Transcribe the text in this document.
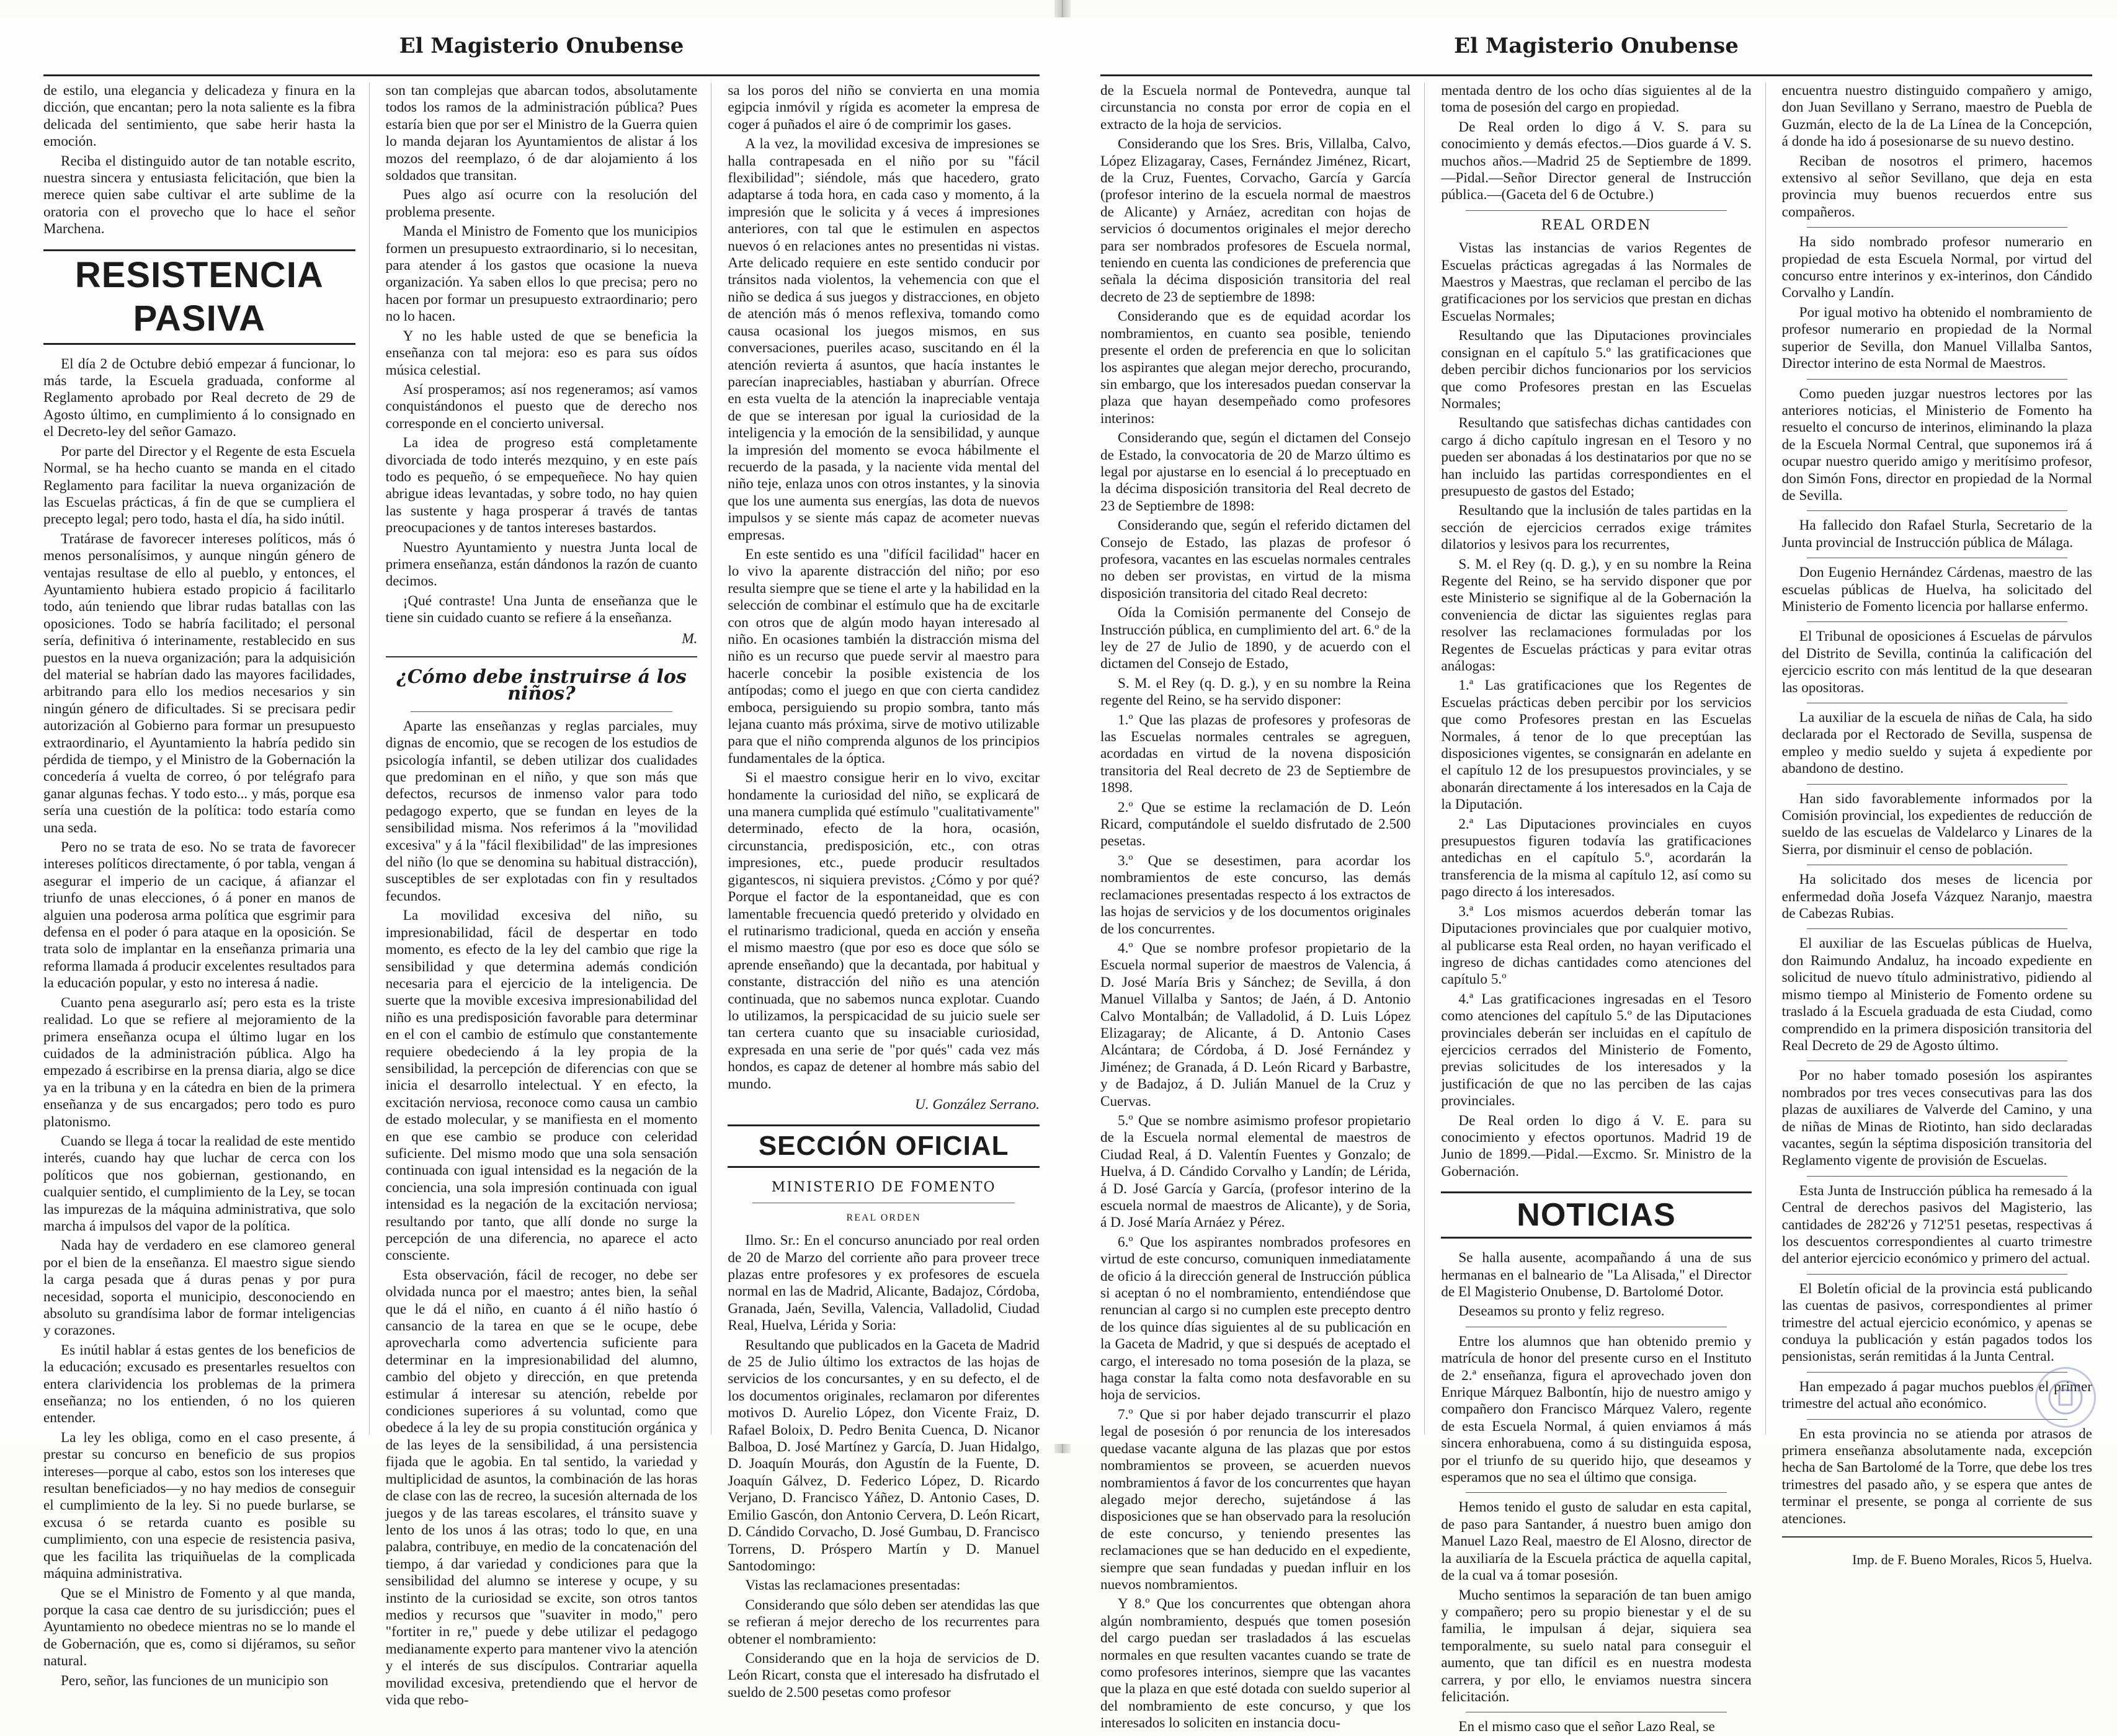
El Magisterio Onubense

de estilo, una elegancia y delicadeza y finura en la dicción, que encantan; pero la nota saliente es la fibra delicada del sentimiento, que sabe herir hasta la emoción.

Reciba el distinguido autor de tan notable escrito, nuestra sincera y entusiasta felicitación, que bien la merece quien sabe cultivar el arte sublime de la oratoria con el provecho que lo hace el señor Marchena.

RESISTENCIA PASIVA

El día 2 de Octubre debió empezar á funcionar, lo más tarde, la Escuela graduada, conforme al Reglamento aprobado por Real decreto de 29 de Agosto último, en cumplimiento á lo consignado en el Decreto-ley del señor Gamazo.

Por parte del Director y el Regente de esta Escuela Normal, se ha hecho cuanto se manda en el citado Reglamento para facilitar la nueva organización de las Escuelas prácticas, á fin de que se cumpliera el precepto legal; pero todo, hasta el día, ha sido inútil.

Tratárase de favorecer intereses políticos, más ó menos personalísimos, y aunque ningún género de ventajas resultase de ello al pueblo, y entonces, el Ayuntamiento hubiera estado propicio á facilitarlo todo, aún teniendo que librar rudas batallas con las oposiciones. Todo se habría facilitado; el personal sería, definitiva ó interinamente, restablecido en sus puestos en la nueva organización; para la adquisición del material se habrían dado las mayores facilidades, arbitrando para ello los medios necesarios y sin ningún género de dificultades. Si se precisara pedir autorización al Gobierno para formar un presupuesto extraordinario, el Ayuntamiento la habría pedido sin pérdida de tiempo, y el Ministro de la Gobernación la concedería á vuelta de correo, ó por telégrafo para ganar algunas fechas. Y todo esto... y más, porque esa sería una cuestión de la política: todo estaría como una seda.

Pero no se trata de eso. No se trata de favorecer intereses políticos directamente, ó por tabla, vengan á asegurar el imperio de un cacique, á afianzar el triunfo de unas elecciones, ó á poner en manos de alguien una poderosa arma política que esgrimir para defensa en el poder ó para ataque en la oposición. Se trata solo de implantar en la enseñanza primaria una reforma llamada á producir excelentes resultados para la educación popular, y esto no interesa á nadie.

Cuanto pena asegurarlo así; pero esta es la triste realidad. Lo que se refiere al mejoramiento de la primera enseñanza ocupa el último lugar en los cuidados de la administración pública. Algo ha empezado á escribirse en la prensa diaria, algo se dice ya en la tribuna y en la cátedra en bien de la primera enseñanza y de sus encargados; pero todo es puro platonismo.

Cuando se llega á tocar la realidad de este mentido interés, cuando hay que luchar de cerca con los políticos que nos gobiernan, gestionando, en cualquier sentido, el cumplimiento de la Ley, se tocan las impurezas de la máquina administrativa, que solo marcha á impulsos del vapor de la política.

Nada hay de verdadero en ese clamoreo general por el bien de la enseñanza. El maestro sigue siendo la carga pesada que á duras penas y por pura necesidad, soporta el municipio, desconociendo en absoluto su grandísima labor de formar inteligencias y corazones.

Es inútil hablar á estas gentes de los beneficios de la educación; excusado es presentarles resueltos con entera clarividencia los problemas de la primera enseñanza; no los entienden, ó no los quieren entender.

La ley les obliga, como en el caso presente, á prestar su concurso en beneficio de sus propios intereses—porque al cabo, estos son los intereses que resultan beneficiados—y no hay medios de conseguir el cumplimiento de la ley. Si no puede burlarse, se excusa ó se retarda cuanto es posible su cumplimiento, con una especie de resistencia pasiva, que les facilita las triquiñuelas de la complicada máquina administrativa.

Que se el Ministro de Fomento y al que manda, porque la casa cae dentro de su jurisdicción; pues el Ayuntamiento no obedece mientras no se lo mande el de Gobernación, que es, como si dijéramos, su señor natural.

Pero, señor, las funciones de un municipio son

son tan complejas que abarcan todos, absolutamente todos los ramos de la administración pública? Pues estaría bien que por ser el Ministro de la Guerra quien lo manda dejaran los Ayuntamientos de alistar á los mozos del reemplazo, ó de dar alojamiento á los soldados que transitan.

Pues algo así ocurre con la resolución del problema presente.

Manda el Ministro de Fomento que los municipios formen un presupuesto extraordinario, si lo necesitan, para atender á los gastos que ocasione la nueva organización. Ya saben ellos lo que precisa; pero no hacen por formar un presupuesto extraordinario; pero no lo hacen.

Y no les hable usted de que se beneficia la enseñanza con tal mejora: eso es para sus oídos música celestial.

Así prosperamos; así nos regeneramos; así vamos conquistándonos el puesto que de derecho nos corresponde en el concierto universal.

La idea de progreso está completamente divorciada de todo interés mezquino, y en este país todo es pequeño, ó se empequeñece. No hay quien abrigue ideas levantadas, y sobre todo, no hay quien las sustente y haga prosperar á través de tantas preocupaciones y de tantos intereses bastardos.

Nuestro Ayuntamiento y nuestra Junta local de primera enseñanza, están dándonos la razón de cuanto decimos.

¡Qué contraste! Una Junta de enseñanza que le tiene sin cuidado cuanto se refiere á la enseñanza.

M.
¿Cómo debe instruirse á los niños?

Aparte las enseñanzas y reglas parciales, muy dignas de encomio, que se recogen de los estudios de psicología infantil, se deben utilizar dos cualidades que predominan en el niño, y que son más que defectos, recursos de inmenso valor para todo pedagogo experto, que se fundan en leyes de la sensibilidad misma. Nos referimos á la "movilidad excesiva" y á la "fácil flexibilidad" de las impresiones del niño (lo que se denomina su habitual distracción), susceptibles de ser explotadas con fin y resultados fecundos.

La movilidad excesiva del niño, su impresionabilidad, fácil de despertar en todo momento, es efecto de la ley del cambio que rige la sensibilidad y que determina además condición necesaria para el ejercicio de la inteligencia. De suerte que la movible excesiva impresionabilidad del niño es una predisposición favorable para determinar en el con el cambio de estímulo que constantemente requiere obedeciendo á la ley propia de la sensibilidad, la percepción de diferencias con que se inicia el desarrollo intelectual. Y en efecto, la excitación nerviosa, reconoce como causa un cambio de estado molecular, y se manifiesta en el momento en que ese cambio se produce con celeridad suficiente. Del mismo modo que una sola sensación continuada con igual intensidad es la negación de la conciencia, una sola impresión continuada con igual intensidad es la negación de la excitación nerviosa; resultando por tanto, que allí donde no surge la percepción de una diferencia, no aparece el acto consciente.

Esta observación, fácil de recoger, no debe ser olvidada nunca por el maestro; antes bien, la señal que le dá el niño, en cuanto á él niño hastío ó cansancio de la tarea en que se le ocupe, debe aprovecharla como advertencia suficiente para determinar en la impresionabilidad del alumno, cambio del objeto y dirección, en que pretenda estimular á interesar su atención, rebelde por condiciones superiores á su voluntad, como que obedece á la ley de su propia constitución orgánica y de las leyes de la sensibilidad, á una persistencia fijada que le agobia. En tal sentido, la variedad y multiplicidad de asuntos, la combinación de las horas de clase con las de recreo, la sucesión alternada de los juegos y de las tareas escolares, el tránsito suave y lento de los unos á las otras; todo lo que, en una palabra, contribuye, en medio de la concatenación del tiempo, á dar variedad y condiciones para que la sensibilidad del alumno se interese y ocupe, y su instinto de la curiosidad se excite, son otros tantos medios y recursos que "suaviter in modo," pero "fortiter in re," puede y debe utilizar el pedagogo medianamente experto para mantener vivo la atención y el interés de sus discípulos. Contrariar aquella movilidad excesiva, pretendiendo que el hervor de vida que rebo-

sa los poros del niño se convierta en una momia egipcia inmóvil y rígida es acometer la empresa de coger á puñados el aire ó de comprimir los gases.

A la vez, la movilidad excesiva de impresiones se halla contrapesada en el niño por su "fácil flexibilidad"; siéndole, más que hacedero, grato adaptarse á toda hora, en cada caso y momento, á la impresión que le solicita y á veces á impresiones anteriores, con tal que le estimulen en aspectos nuevos ó en relaciones antes no presentidas ni vistas. Arte delicado requiere en este sentido conducir por tránsitos nada violentos, la vehemencia con que el niño se dedica á sus juegos y distracciones, en objeto de atención más ó menos reflexiva, tomando como causa ocasional los juegos mismos, en sus conversaciones, pueriles acaso, suscitando en él la atención revierta á asuntos, que hacía instantes le parecían inapreciables, hastiaban y aburrían. Ofrece en esta vuelta de la atención la inapreciable ventaja de que se interesan por igual la curiosidad de la inteligencia y la emoción de la sensibilidad, y aunque la impresión del momento se evoca hábilmente el recuerdo de la pasada, y la naciente vida mental del niño teje, enlaza unos con otros instantes, y la sinovia que los une aumenta sus energías, las dota de nuevos impulsos y se siente más capaz de acometer nuevas empresas.

En este sentido es una "difícil facilidad" hacer en lo vivo la aparente distracción del niño; por eso resulta siempre que se tiene el arte y la habilidad en la selección de combinar el estímulo que ha de excitarle con otros que de algún modo hayan interesado al niño. En ocasiones también la distracción misma del niño es un recurso que puede servir al maestro para hacerle concebir la posible existencia de los antípodas; como el juego en que con cierta candidez emboca, persiguiendo su propio sombra, tanto más lejana cuanto más próxima, sirve de motivo utilizable para que el niño comprenda algunos de los principios fundamentales de la óptica.

Si el maestro consigue herir en lo vivo, excitar hondamente la curiosidad del niño, se explicará de una manera cumplida qué estímulo "cualitativamente" determinado, efecto de la hora, ocasión, circunstancia, predisposición, etc., con otras impresiones, etc., puede producir resultados gigantescos, ni siquiera previstos. ¿Cómo y por qué? Porque el factor de la espontaneidad, que es con lamentable frecuencia quedó preterido y olvidado en el rutinarismo tradicional, queda en acción y enseña el mismo maestro (que por eso es doce que sólo se aprende enseñando) que la decantada, por habitual y constante, distracción del niño es una atención continuada, que no sabemos nunca explotar. Cuando lo utilizamos, la perspicacidad de su juicio suele ser tan certera cuanto que su insaciable curiosidad, expresada en una serie de "por qués" cada vez más hondos, es capaz de detener al hombre más sabio del mundo.

U. González Serrano.
SECCIÓN OFICIAL
MINISTERIO DE FOMENTO
REAL ORDEN

Ilmo. Sr.: En el concurso anunciado por real orden de 20 de Marzo del corriente año para proveer trece plazas entre profesores y ex profesores de escuela normal en las de Madrid, Alicante, Badajoz, Córdoba, Granada, Jaén, Sevilla, Valencia, Valladolid, Ciudad Real, Huelva, Lérida y Soria:

Resultando que publicados en la Gaceta de Madrid de 25 de Julio último los extractos de las hojas de servicios de los concursantes, y en su defecto, el de los documentos originales, reclamaron por diferentes motivos D. Aurelio López, don Vicente Fraiz, D. Rafael Boloix, D. Pedro Benita Cuenca, D. Nicanor Balboa, D. José Martínez y García, D. Juan Hidalgo, D. Joaquín Mourás, don Agustín de la Fuente, D. Joaquín Gálvez, D. Federico López, D. Ricardo Verjano, D. Francisco Yáñez, D. Antonio Cases, D. Emilio Gascón, don Antonio Cervera, D. León Ricart, D. Cándido Corvacho, D. José Gumbau, D. Francisco Torrens, D. Próspero Martín y D. Manuel Santodomingo:

Vistas las reclamaciones presentadas:

Considerando que sólo deben ser atendidas las que se refieran á mejor derecho de los recurrentes para obtener el nombramiento:

Considerando que en la hoja de servicios de D. León Ricart, consta que el interesado ha disfrutado el sueldo de 2.500 pesetas como profesor

El Magisterio Onubense

de la Escuela normal de Pontevedra, aunque tal circunstancia no consta por error de copia en el extracto de la hoja de servicios.

Considerando que los Sres. Bris, Villalba, Calvo, López Elizagaray, Cases, Fernández Jiménez, Ricart, de la Cruz, Fuentes, Corvacho, García y García (profesor interino de la escuela normal de maestros de Alicante) y Arnáez, acreditan con hojas de servicios ó documentos originales el mejor derecho para ser nombrados profesores de Escuela normal, teniendo en cuenta las condiciones de preferencia que señala la décima disposición transitoria del real decreto de 23 de septiembre de 1898:

Considerando que es de equidad acordar los nombramientos, en cuanto sea posible, teniendo presente el orden de preferencia en que lo solicitan los aspirantes que alegan mejor derecho, procurando, sin embargo, que los interesados puedan conservar la plaza que hayan desempeñado como profesores interinos:

Considerando que, según el dictamen del Consejo de Estado, la convocatoria de 20 de Marzo último es legal por ajustarse en lo esencial á lo preceptuado en la décima disposición transitoria del Real decreto de 23 de Septiembre de 1898:

Considerando que, según el referido dictamen del Consejo de Estado, las plazas de profesor ó profesora, vacantes en las escuelas normales centrales no deben ser provistas, en virtud de la misma disposición transitoria del citado Real decreto:

Oída la Comisión permanente del Consejo de Instrucción pública, en cumplimiento del art. 6.º de la ley de 27 de Julio de 1890, y de acuerdo con el dictamen del Consejo de Estado,

S. M. el Rey (q. D. g.), y en su nombre la Reina regente del Reino, se ha servido disponer:

1.º Que las plazas de profesores y profesoras de las Escuelas normales centrales se agreguen, acordadas en virtud de la novena disposición transitoria del Real decreto de 23 de Septiembre de 1898.

2.º Que se estime la reclamación de D. León Ricard, computándole el sueldo disfrutado de 2.500 pesetas.

3.º Que se desestimen, para acordar los nombramientos de este concurso, las demás reclamaciones presentadas respecto á los extractos de las hojas de servicios y de los documentos originales de los concurrentes.

4.º Que se nombre profesor propietario de la Escuela normal superior de maestros de Valencia, á D. José María Bris y Sánchez; de Sevilla, á don Manuel Villalba y Santos; de Jaén, á D. Antonio Calvo Montalbán; de Valladolid, á D. Luis López Elizagaray; de Alicante, á D. Antonio Cases Alcántara; de Córdoba, á D. José Fernández y Jiménez; de Granada, á D. León Ricard y Barbastre, y de Badajoz, á D. Julián Manuel de la Cruz y Cuervas.

5.º Que se nombre asimismo profesor propietario de la Escuela normal elemental de maestros de Ciudad Real, á D. Valentín Fuentes y Gonzalo; de Huelva, á D. Cándido Corvalho y Landín; de Lérida, á D. José García y García, (profesor interino de la escuela normal de maestros de Alicante), y de Soria, á D. José María Arnáez y Pérez.

6.º Que los aspirantes nombrados profesores en virtud de este concurso, comuniquen inmediatamente de oficio á la dirección general de Instrucción pública si aceptan ó no el nombramiento, entendiéndose que renuncian al cargo si no cumplen este precepto dentro de los quince días siguientes al de su publicación en la Gaceta de Madrid, y que si después de aceptado el cargo, el interesado no toma posesión de la plaza, se haga constar la falta como nota desfavorable en su hoja de servicios.

7.º Que si por haber dejado transcurrir el plazo legal de posesión ó por renuncia de los interesados quedase vacante alguna de las plazas que por estos nombramientos se proveen, se acuerden nuevos nombramientos á favor de los concurrentes que hayan alegado mejor derecho, sujetándose á las disposiciones que se han observado para la resolución de este concurso, y teniendo presentes las reclamaciones que se han deducido en el expediente, siempre que sean fundadas y puedan influir en los nuevos nombramientos.

Y 8.º Que los concurrentes que obtengan ahora algún nombramiento, después que tomen posesión del cargo puedan ser trasladados á las escuelas normales en que resulten vacantes cuando se trate de como profesores interinos, siempre que las vacantes que la plaza en que esté dotada con sueldo superior al del nombramiento de este concurso, y que los interesados lo soliciten en instancia docu-

mentada dentro de los ocho días siguientes al de la toma de posesión del cargo en propiedad.

De Real orden lo digo á V. S. para su conocimiento y demás efectos.—Dios guarde á V. S. muchos años.—Madrid 25 de Septiembre de 1899. —Pidal.—Señor Director general de Instrucción pública.—(Gaceta del 6 de Octubre.)

REAL ORDEN

Vistas las instancias de varios Regentes de Escuelas prácticas agregadas á las Normales de Maestros y Maestras, que reclaman el percibo de las gratificaciones por los servicios que prestan en dichas Escuelas Normales;

Resultando que las Diputaciones provinciales consignan en el capítulo 5.º las gratificaciones que deben percibir dichos funcionarios por los servicios que como Profesores prestan en las Escuelas Normales;

Resultando que satisfechas dichas cantidades con cargo á dicho capítulo ingresan en el Tesoro y no pueden ser abonadas á los destinatarios por que no se han incluido las partidas correspondientes en el presupuesto de gastos del Estado;

Resultando que la inclusión de tales partidas en la sección de ejercicios cerrados exige trámites dilatorios y lesivos para los recurrentes,

S. M. el Rey (q. D. g.), y en su nombre la Reina Regente del Reino, se ha servido disponer que por este Ministerio se signifique al de la Gobernación la conveniencia de dictar las siguientes reglas para resolver las reclamaciones formuladas por los Regentes de Escuelas prácticas y para evitar otras análogas:

1.ª Las gratificaciones que los Regentes de Escuelas prácticas deben percibir por los servicios que como Profesores prestan en las Escuelas Normales, á tenor de lo que preceptúan las disposiciones vigentes, se consignarán en adelante en el capítulo 12 de los presupuestos provinciales, y se abonarán directamente á los interesados en la Caja de la Diputación.

2.ª Las Diputaciones provinciales en cuyos presupuestos figuren todavía las gratificaciones antedichas en el capítulo 5.º, acordarán la transferencia de la misma al capítulo 12, así como su pago directo á los interesados.

3.ª Los mismos acuerdos deberán tomar las Diputaciones provinciales que por cualquier motivo, al publicarse esta Real orden, no hayan verificado el ingreso de dichas cantidades como atenciones del capítulo 5.º

4.ª Las gratificaciones ingresadas en el Tesoro como atenciones del capítulo 5.º de las Diputaciones provinciales deberán ser incluidas en el capítulo de ejercicios cerrados del Ministerio de Fomento, previas solicitudes de los interesados y la justificación de que no las perciben de las cajas provinciales.

De Real orden lo digo á V. E. para su conocimiento y efectos oportunos. Madrid 19 de Junio de 1899.—Pidal.—Excmo. Sr. Ministro de la Gobernación.

NOTICIAS

Se halla ausente, acompañando á una de sus hermanas en el balneario de "La Alisada," el Director de El Magisterio Onubense, D. Bartolomé Dotor.

Deseamos su pronto y feliz regreso.

Entre los alumnos que han obtenido premio y matrícula de honor del presente curso en el Instituto de 2.ª enseñanza, figura el aprovechado joven don Enrique Márquez Balbontín, hijo de nuestro amigo y compañero don Francisco Márquez Valero, regente de esta Escuela Normal, á quien enviamos á más sincera enhorabuena, como á su distinguida esposa, por el triunfo de su querido hijo, que deseamos y esperamos que no sea el último que consiga.

Hemos tenido el gusto de saludar en esta capital, de paso para Santander, á nuestro buen amigo don Manuel Lazo Real, maestro de El Alosno, director de la auxiliaría de la Escuela práctica de aquella capital, de la cual va á tomar posesión.

Mucho sentimos la separación de tan buen amigo y compañero; pero su propio bienestar y el de su familia, le impulsan á dejar, siquiera sea temporalmente, su suelo natal para conseguir el aumento, que tan difícil es en nuestra modesta carrera, y por ello, le enviamos nuestra sincera felicitación.

En el mismo caso que el señor Lazo Real, se

encuentra nuestro distinguido compañero y amigo, don Juan Sevillano y Serrano, maestro de Puebla de Guzmán, electo de la de La Línea de la Concepción, á donde ha ido á posesionarse de su nuevo destino.

Reciban de nosotros el primero, hacemos extensivo al señor Sevillano, que deja en esta provincia muy buenos recuerdos entre sus compañeros.

Ha sido nombrado profesor numerario en propiedad de esta Escuela Normal, por virtud del concurso entre interinos y ex-interinos, don Cándido Corvalho y Landín.

Por igual motivo ha obtenido el nombramiento de profesor numerario en propiedad de la Normal superior de Sevilla, don Manuel Villalba Santos, Director interino de esta Normal de Maestros.

Como pueden juzgar nuestros lectores por las anteriores noticias, el Ministerio de Fomento ha resuelto el concurso de interinos, eliminando la plaza de la Escuela Normal Central, que suponemos irá á ocupar nuestro querido amigo y meritísimo profesor, don Simón Fons, director en propiedad de la Normal de Sevilla.

Ha fallecido don Rafael Sturla, Secretario de la Junta provincial de Instrucción pública de Málaga.

Don Eugenio Hernández Cárdenas, maestro de las escuelas públicas de Huelva, ha solicitado del Ministerio de Fomento licencia por hallarse enfermo.

El Tribunal de oposiciones á Escuelas de párvulos del Distrito de Sevilla, continúa la calificación del ejercicio escrito con más lentitud de la que desearan las opositoras.

La auxiliar de la escuela de niñas de Cala, ha sido declarada por el Rectorado de Sevilla, suspensa de empleo y medio sueldo y sujeta á expediente por abandono de destino.

Han sido favorablemente informados por la Comisión provincial, los expedientes de reducción de sueldo de las escuelas de Valdelarco y Linares de la Sierra, por disminuir el censo de población.

Ha solicitado dos meses de licencia por enfermedad doña Josefa Vázquez Naranjo, maestra de Cabezas Rubias.

El auxiliar de las Escuelas públicas de Huelva, don Raimundo Andaluz, ha incoado expediente en solicitud de nuevo título administrativo, pidiendo al mismo tiempo al Ministerio de Fomento ordene su traslado á la Escuela graduada de esta Ciudad, como comprendido en la primera disposición transitoria del Real Decreto de 29 de Agosto último.

Por no haber tomado posesión los aspirantes nombrados por tres veces consecutivas para las dos plazas de auxiliares de Valverde del Camino, y una de niñas de Minas de Riotinto, han sido declaradas vacantes, según la séptima disposición transitoria del Reglamento vigente de provisión de Escuelas.

Esta Junta de Instrucción pública ha remesado á la Central de derechos pasivos del Magisterio, las cantidades de 282'26 y 712'51 pesetas, respectivas á los descuentos correspondientes al cuarto trimestre del anterior ejercicio económico y primero del actual.

El Boletín oficial de la provincia está publicando las cuentas de pasivos, correspondientes al primer trimestre del actual ejercicio económico, y apenas se conduya la publicación y están pagados todos los pensionistas, serán remitidas á la Junta Central.

Han empezado á pagar muchos pueblos el primer trimestre del actual año económico.

En esta provincia no se atienda por atrasos de primera enseñanza absolutamente nada, excepción hecha de San Bartolomé de la Torre, que debe los tres trimestres del pasado año, y se espera que antes de terminar el presente, se ponga al corriente de sus atenciones.

Imp. de F. Bueno Morales, Ricos 5, Huelva.
